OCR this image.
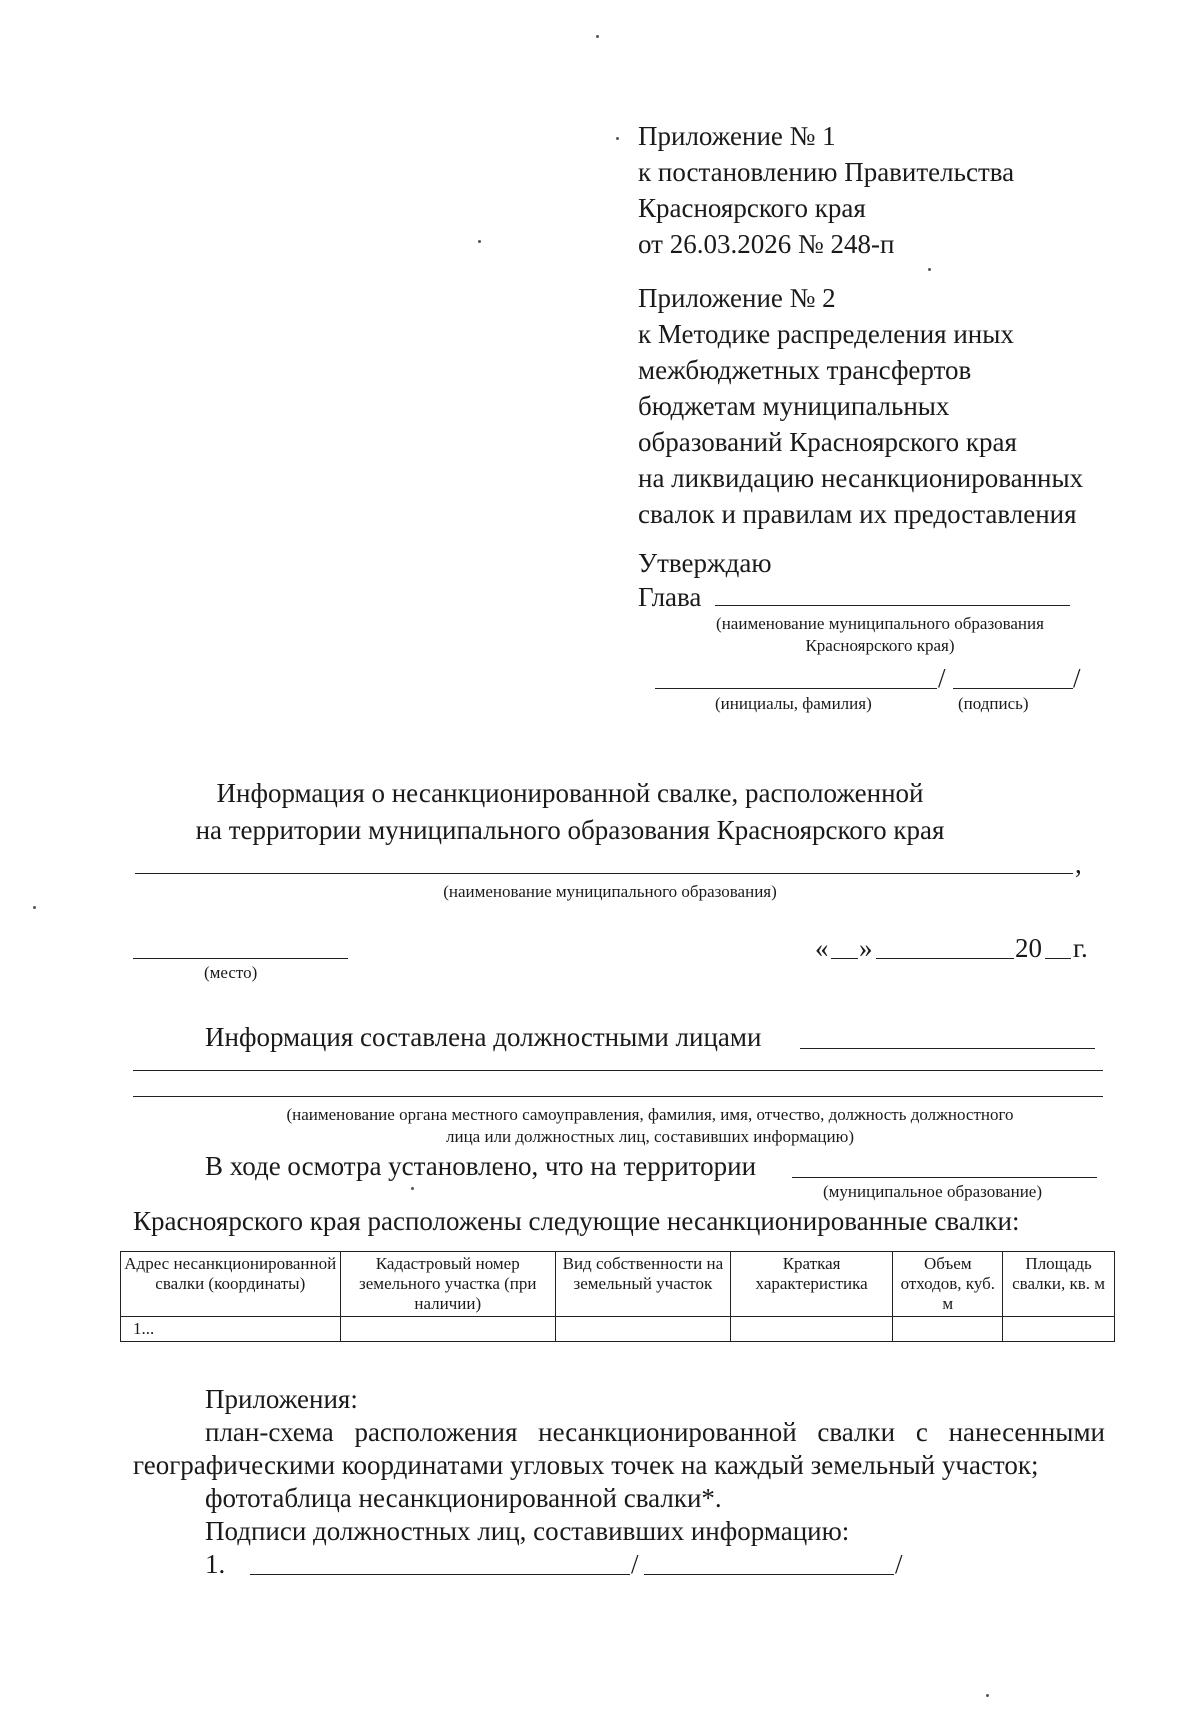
Приложение № 1
к постановлению Правительства
Красноярского края
от 26.03.2026 № 248-п
Приложение № 2
к Методике распределения иных
межбюджетных трансфертов
бюджетам муниципальных
образований Красноярского края
на ликвидацию несанкционированных
свалок и правилам их предоставления
Утверждаю
Глава
(наименование муниципального образования
Красноярского края)
/	/
(инициалы, фамилия)	(подпись)
Информация о несанкционированной свалке, расположенной
на территории муниципального образования Красноярского края
,
(наименование муниципального образования)
(место)
« »	20 г.
Информация составлена должностными лицами
(наименование органа местного самоуправления, фамилия, имя, отчество, должность должностного
лица или должностных лиц, составивших информацию)
В ходе осмотра установлено, что на территории
(муниципальное образование)
Красноярского края расположены следующие несанкционированные свалки:
Адрес несанкционированной свалки (координаты)	Кадастровый номер земельного участка (при наличии)	Вид собственности на земельный участок	Краткая характеристика	Объем отходов, куб. м	Площадь свалки, кв. м
1...					
Приложения:
план-схема расположения несанкционированной свалки с нанесенными
географическими координатами угловых точек на каждый земельный участок;
фототаблица несанкционированной свалки*.
Подписи должностных лиц, составивших информацию:
1.	/	/
